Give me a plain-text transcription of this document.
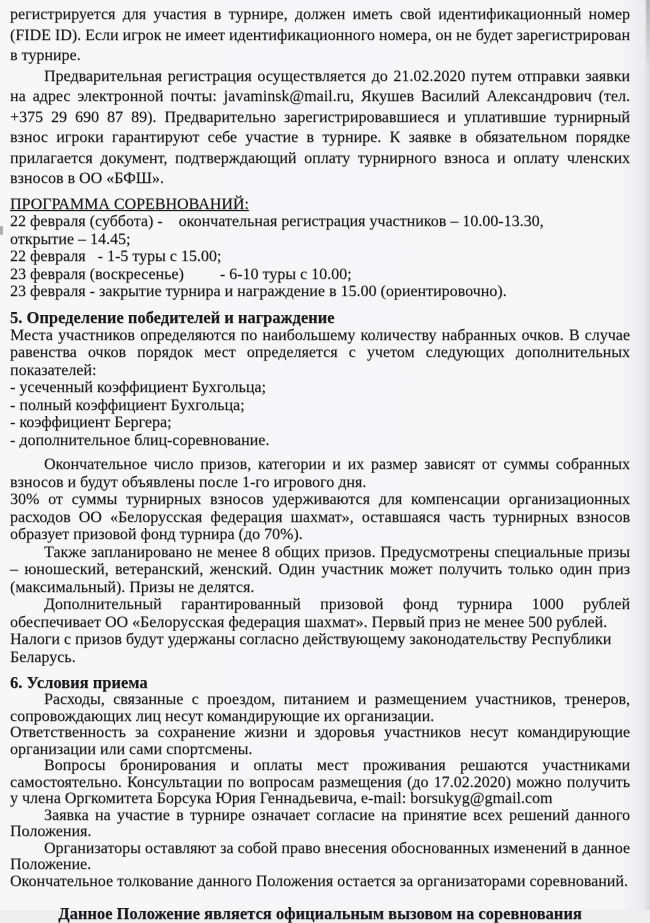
регистрируется для участия в турнире, должен иметь свой идентификационный номер (FIDE ID). Если игрок не имеет идентификационного номера, он не будет зарегистрирован в турнире.

Предварительная регистрация осуществляется до 21.02.2020 путем отправки заявки на адрес электронной почты: javaminsk@mail.ru, Якушев Василий Александрович (тел. +375 29 690 87 89). Предварительно зарегистрировавшиеся и уплатившие турнирный взнос игроки гарантируют себе участие в турнире. К заявке в обязательном порядке прилагается документ, подтверждающий оплату турнирного взноса и оплату членских взносов в ОО «БФШ».

ПРОГРАММА СОРЕВНОВАНИЙ:
22 февраля (суббота) -    окончательная регистрация участников – 10.00-13.30,
открытие – 14.45;
22 февраля   - 1-5 туры с 15.00;
23 февраля (воскресенье)         - 6-10 туры с 10.00;
23 февраля - закрытие турнира и награждение в 15.00 (ориентировочно).
5. Определение победителей и награждение

Места участников определяются по наибольшему количеству набранных очков. В случае равенства очков порядок мест определяется с учетом следующих дополнительных показателей:

- усеченный коэффициент Бухгольца;
- полный коэффициент Бухгольца;
- коэффициент Бергера;
- дополнительное блиц-соревнование.

Окончательное число призов, категории и их размер зависят от суммы собранных взносов и будут объявлены после 1-го игрового дня.

30% от суммы турнирных взносов удерживаются для компенсации организационных расходов ОО «Белорусская федерация шахмат», оставшаяся часть турнирных взносов образует призовой фонд турнира (до 70%).

Также запланировано не менее 8 общих призов. Предусмотрены специальные призы – юношеский, ветеранский, женский. Один участник может получить только один приз (максимальный). Призы не делятся.

Дополнительный гарантированный призовой фонд турнира 1000 рублей обеспечивает ОО «Белорусская федерация шахмат». Первый приз не менее 500 рублей.

Налоги с призов будут удержаны согласно действующему законодательству Республики Беларусь.

6. Условия приема

Расходы, связанные с проездом, питанием и размещением участников, тренеров, сопровождающих лиц несут командирующие их организации.

Ответственность за сохранение жизни и здоровья участников несут командирующие организации или сами спортсмены.

Вопросы бронирования и оплаты мест проживания решаются участниками самостоятельно. Консультации по вопросам размещения (до 17.02.2020) можно получить у члена Оргкомитета Борсука Юрия Геннадьевича, e-mail: borsukyg@gmail.com

Заявка на участие в турнире означает согласие на принятие всех решений данного Положения.

Организаторы оставляют за собой право внесения обоснованных изменений в данное Положение.

Окончательное толкование данного Положения остается за организаторами соревнований.

Данное Положение является официальным вызовом на соревнования
